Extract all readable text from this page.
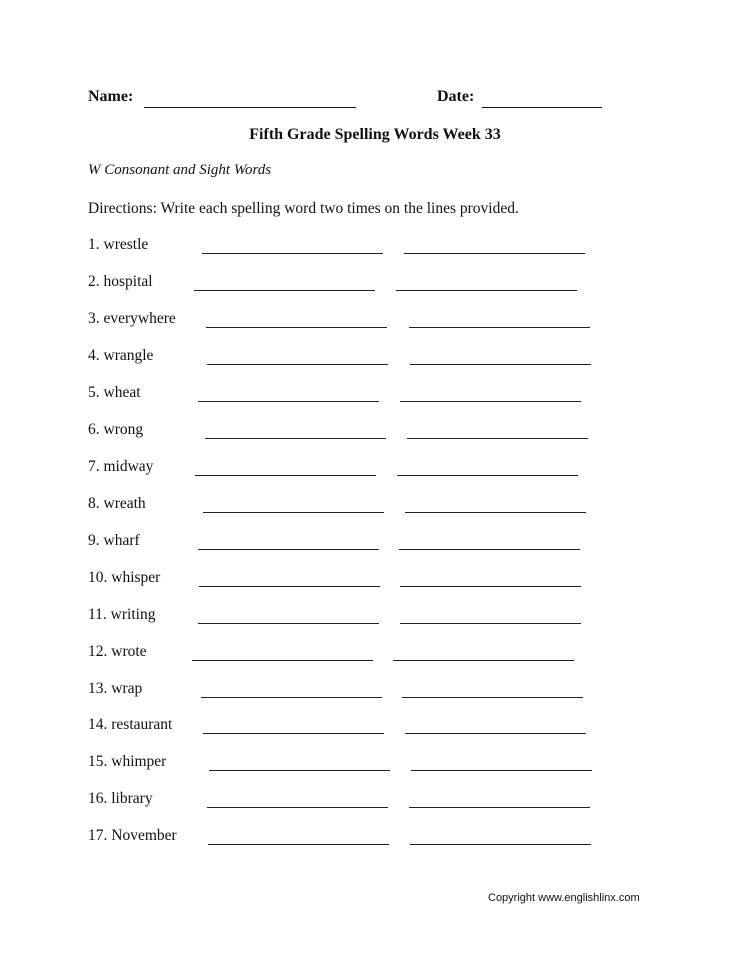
Name:	Date:
Fifth Grade Spelling Words Week 33
W Consonant and Sight Words
Directions: Write each spelling word two times on the lines provided.
1. wrestle
2. hospital
3. everywhere
4. wrangle
5. wheat
6. wrong
7. midway
8. wreath
9. wharf
10. whisper
11. writing
12. wrote
13. wrap
14. restaurant
15. whimper
16. library
17. November
Copyright www.englishlinx.com
